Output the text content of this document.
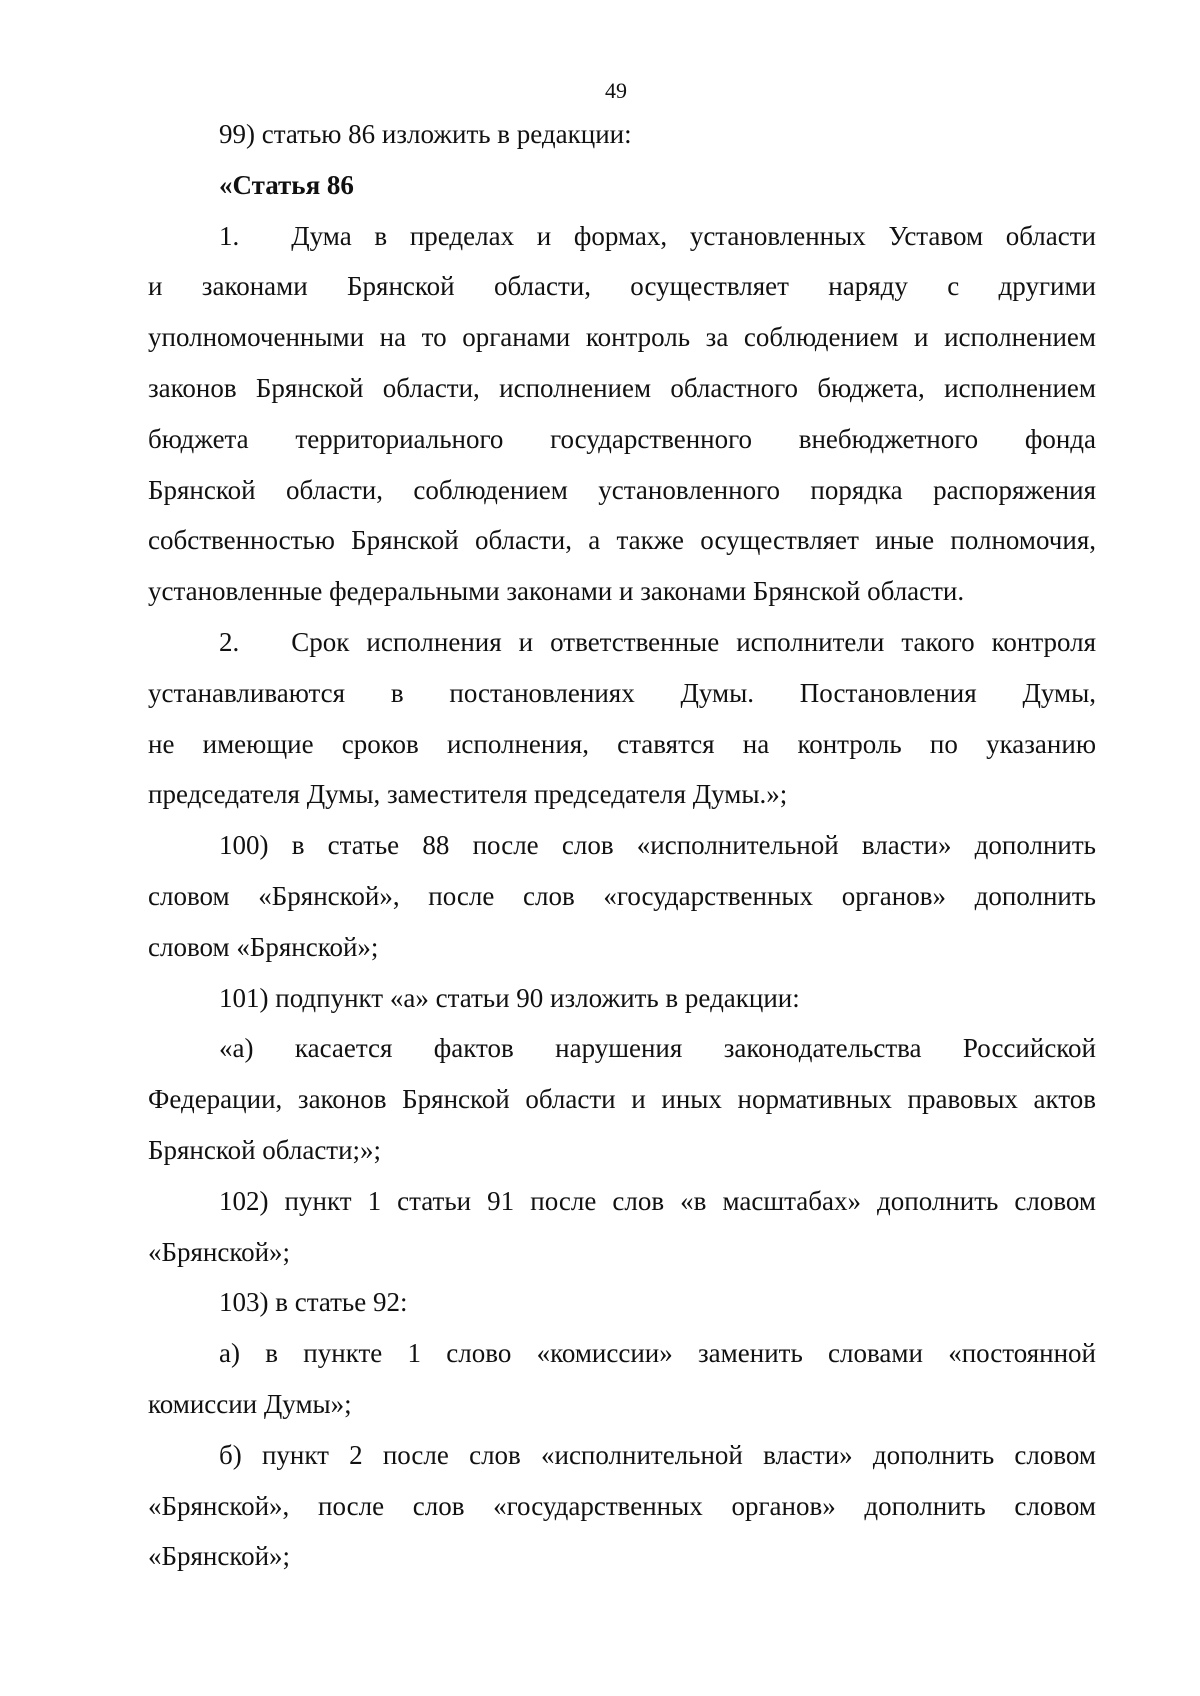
49

99) статью 86 изложить в редакции:

«Статья 86

1. Дума в пределах и формах, установленных Уставом области

и законами Брянской области, осуществляет наряду с другими

уполномоченными на то органами контроль за соблюдением и исполнением

законов Брянской области, исполнением областного бюджета, исполнением

бюджета территориального государственного внебюджетного фонда

Брянской области, соблюдением установленного порядка распоряжения

собственностью Брянской области, а также осуществляет иные полномочия,

установленные федеральными законами и законами Брянской области.

2. Срок исполнения и ответственные исполнители такого контроля

устанавливаются в постановлениях Думы. Постановления Думы,

не имеющие сроков исполнения, ставятся на контроль по указанию

председателя Думы, заместителя председателя Думы.»;

100) в статье 88 после слов «исполнительной власти» дополнить

словом «Брянской», после слов «государственных органов» дополнить

словом «Брянской»;

101) подпункт «а» статьи 90 изложить в редакции:

«а) касается фактов нарушения законодательства Российской

Федерации, законов Брянской области и иных нормативных правовых актов

Брянской области;»;

102) пункт 1 статьи 91 после слов «в масштабах» дополнить словом

«Брянской»;

103) в статье 92:

а) в пункте 1 слово «комиссии» заменить словами «постоянной

комиссии Думы»;

б) пункт 2 после слов «исполнительной власти» дополнить словом

«Брянской», после слов «государственных органов» дополнить словом

«Брянской»;
